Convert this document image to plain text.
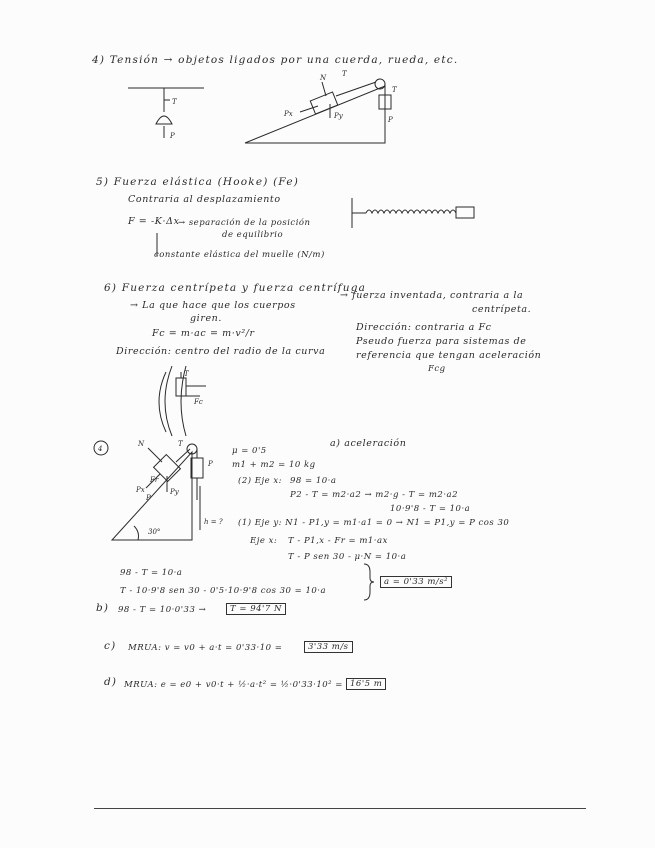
4) Tensión → objetos ligados por una cuerda, rueda, etc.
T
P
N T
Px	Py
T
P
T
Fc
N	T
Px	Py
Fr
P
P
30°
h = ?
4
5) Fuerza elástica (Hooke) (Fe)
Contraria al desplazamiento
F = -K·Δx
→ separación de la posición
de equilibrio
constante elástica del muelle (N/m)
6) Fuerza centrípeta y fuerza centrífuga
→ La que hace que los cuerpos
giren.
Fc = m·ac = m·v²/r
Dirección: centro del radio de la curva
→ fuerza inventada, contraria a la
centrípeta.
Dirección: contraria a Fc
Pseudo fuerza para sistemas de
referencia que tengan aceleración
Fcg
μ = 0'5
m1 + m2 = 10 kg
a) aceleración
(2) Eje x: 98 = 10·a
P2 - T = m2·a2 → m2·g - T = m2·a2
10·9'8 - T = 10·a
(1) Eje y: N1 - P1,y = m1·a1 = 0 → N1 = P1,y = P cos 30
Eje x: T - P1,x - Fr = m1·ax
T - P sen 30 - μ·N = 10·a
98 - T = 10·a
T - 10·9'8 sen 30 - 0'5·10·9'8 cos 30 = 10·a
a = 0'33 m/s²
b) 98 - T = 10·0'33 →	T = 94'7 N
c) MRUA: v = v0 + a·t = 0'33·10 =	3'33 m/s
d) MRUA: e = e0 + v0·t + ½·a·t² = ½·0'33·10² = 16'5 m
